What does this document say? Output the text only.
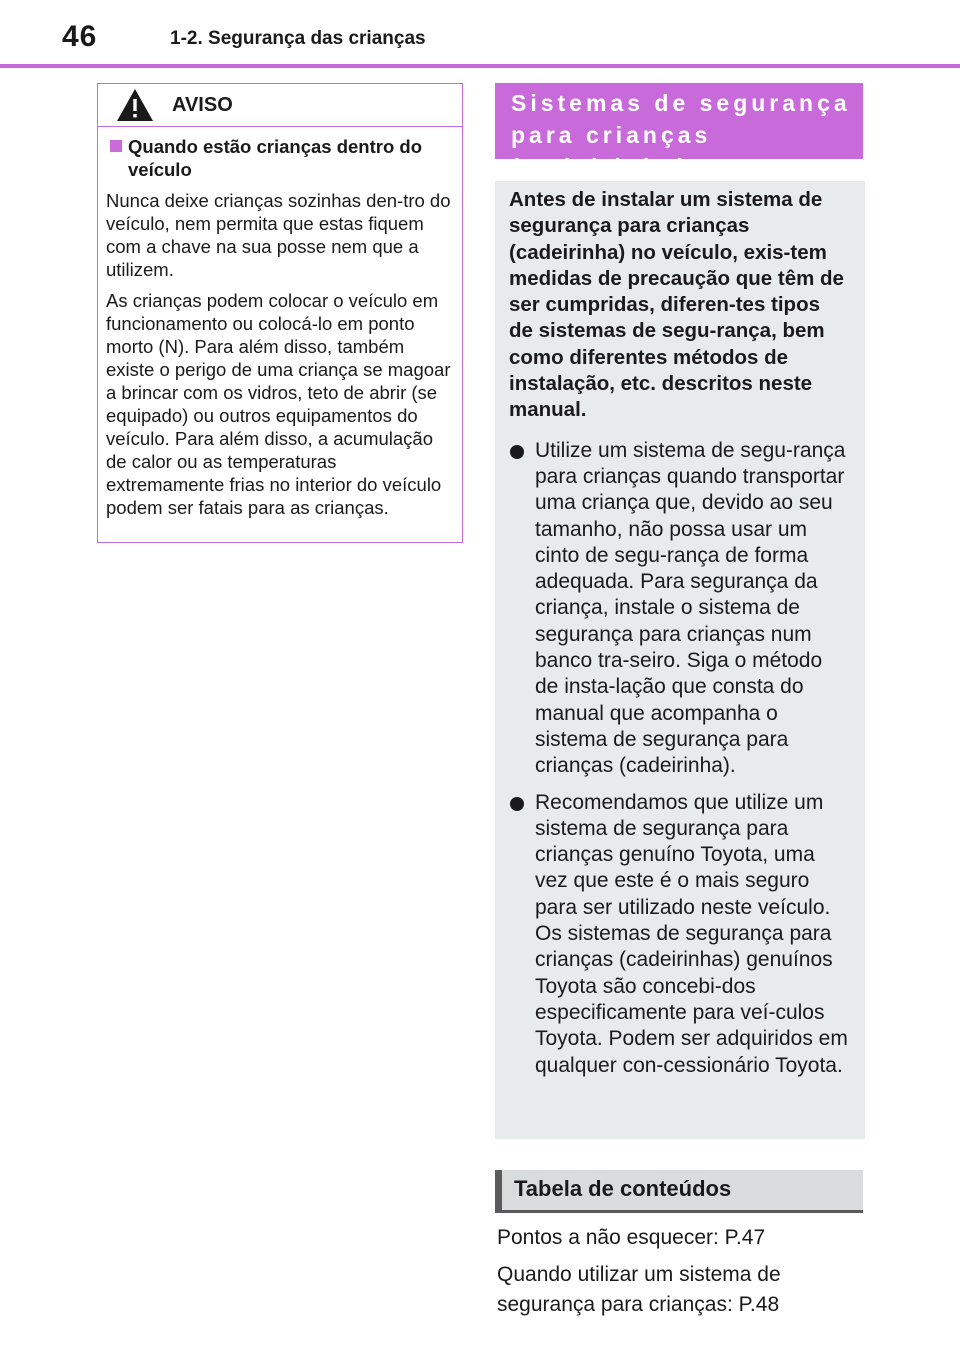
46	1-2. Segurança das crianças
AVISO
Quando estão crianças dentro do veículo

Nunca deixe crianças sozinhas den-tro do veículo, nem permita que estas fiquem com a chave na sua posse nem que a utilizem.

As crianças podem colocar o veículo em funcionamento ou colocá-lo em ponto morto (N). Para além disso, também existe o perigo de uma criança se magoar a brincar com os vidros, teto de abrir (se equipado) ou outros equipamentos do veículo. Para além disso, a acumulação de calor ou as temperaturas extremamente frias no interior do veículo podem ser fatais para as crianças.

Sistemas de segurança
para crianças (cadeirinha)

Antes de instalar um sistema de segurança para crianças (cadeirinha) no veículo, exis-tem medidas de precaução que têm de ser cumpridas, diferen-tes tipos de sistemas de segu-rança, bem como diferentes métodos de instalação, etc. descritos neste manual.

Utilize um sistema de segu-rança para crianças quando transportar uma criança que, devido ao seu tamanho, não possa usar um cinto de segu-rança de forma adequada. Para segurança da criança, instale o sistema de segurança para crianças num banco tra-seiro. Siga o método de insta-lação que consta do manual que acompanha o sistema de segurança para crianças (cadeirinha).
Recomendamos que utilize um sistema de segurança para crianças genuíno Toyota, uma vez que este é o mais seguro para ser utilizado neste veículo. Os sistemas de segurança para crianças (cadeirinhas) genuínos Toyota são concebi-dos especificamente para veí-culos Toyota. Podem ser adquiridos em qualquer con-cessionário Toyota.
Tabela de conteúdos
Pontos a não esquecer: P.47
Quando utilizar um sistema de segurança para crianças: P.48
